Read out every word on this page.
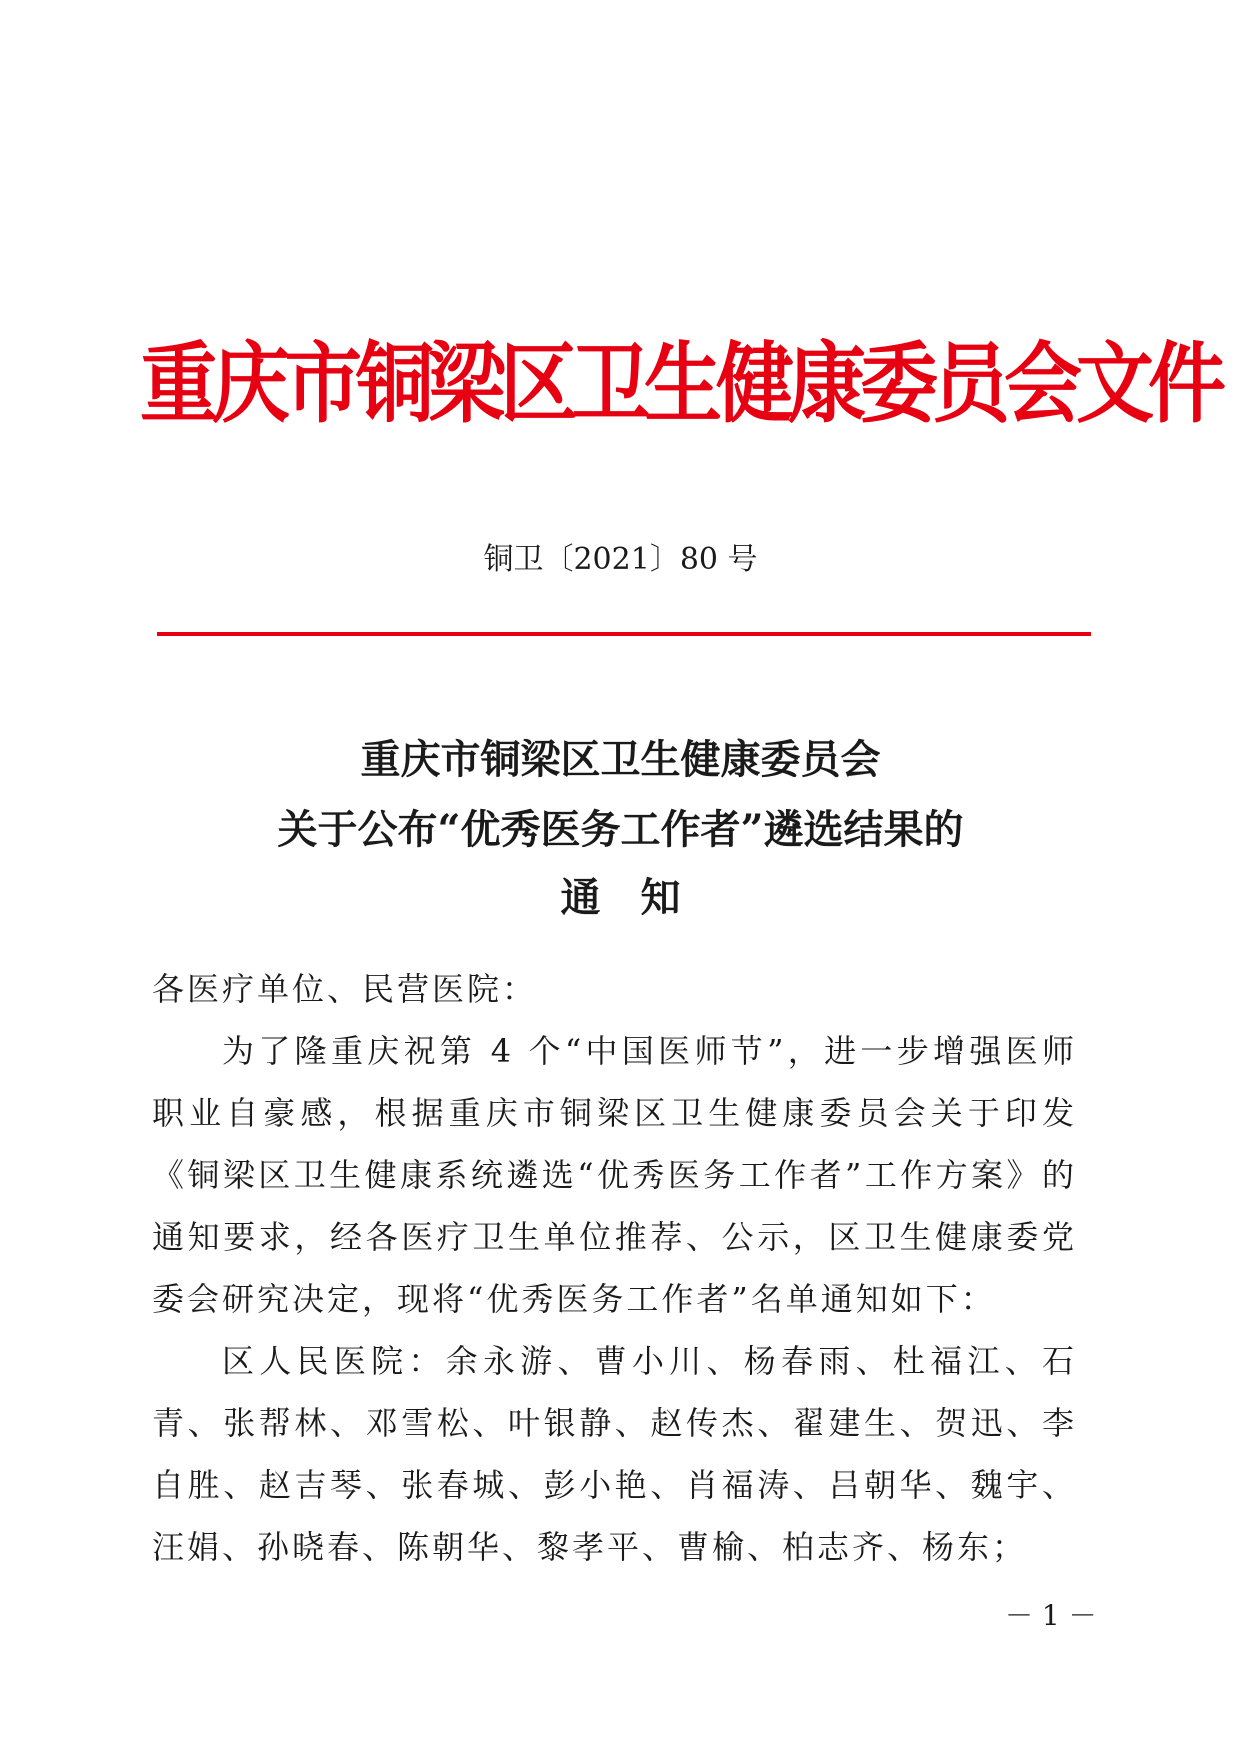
重庆市铜梁区卫生健康委员会文件
铜卫〔2021〕80 号
重庆市铜梁区卫生健康委员会
关于公布“优秀医务工作者”遴选结果的
通知
各医疗单位、民营医院：
为了隆重庆祝第 4 个“中国医师节”，进一步增强医师职业自豪感，根据重庆市铜梁区卫生健康委员会关于印发《铜梁区卫生健康系统遴选“优秀医务工作者”工作方案》的通知要求，经各医疗卫生单位推荐、公示，区卫生健康委党委会研究决定，现将“优秀医务工作者”名单通知如下：
区人民医院：余永游、曹小川、杨春雨、杜福江、石青、张帮林、邓雪松、叶银静、赵传杰、翟建生、贺迅、李自胜、赵吉琴、张春城、彭小艳、肖福涛、吕朝华、魏宇、汪娟、孙晓春、陈朝华、黎孝平、曹榆、柏志齐、杨东；
－ 1 －
